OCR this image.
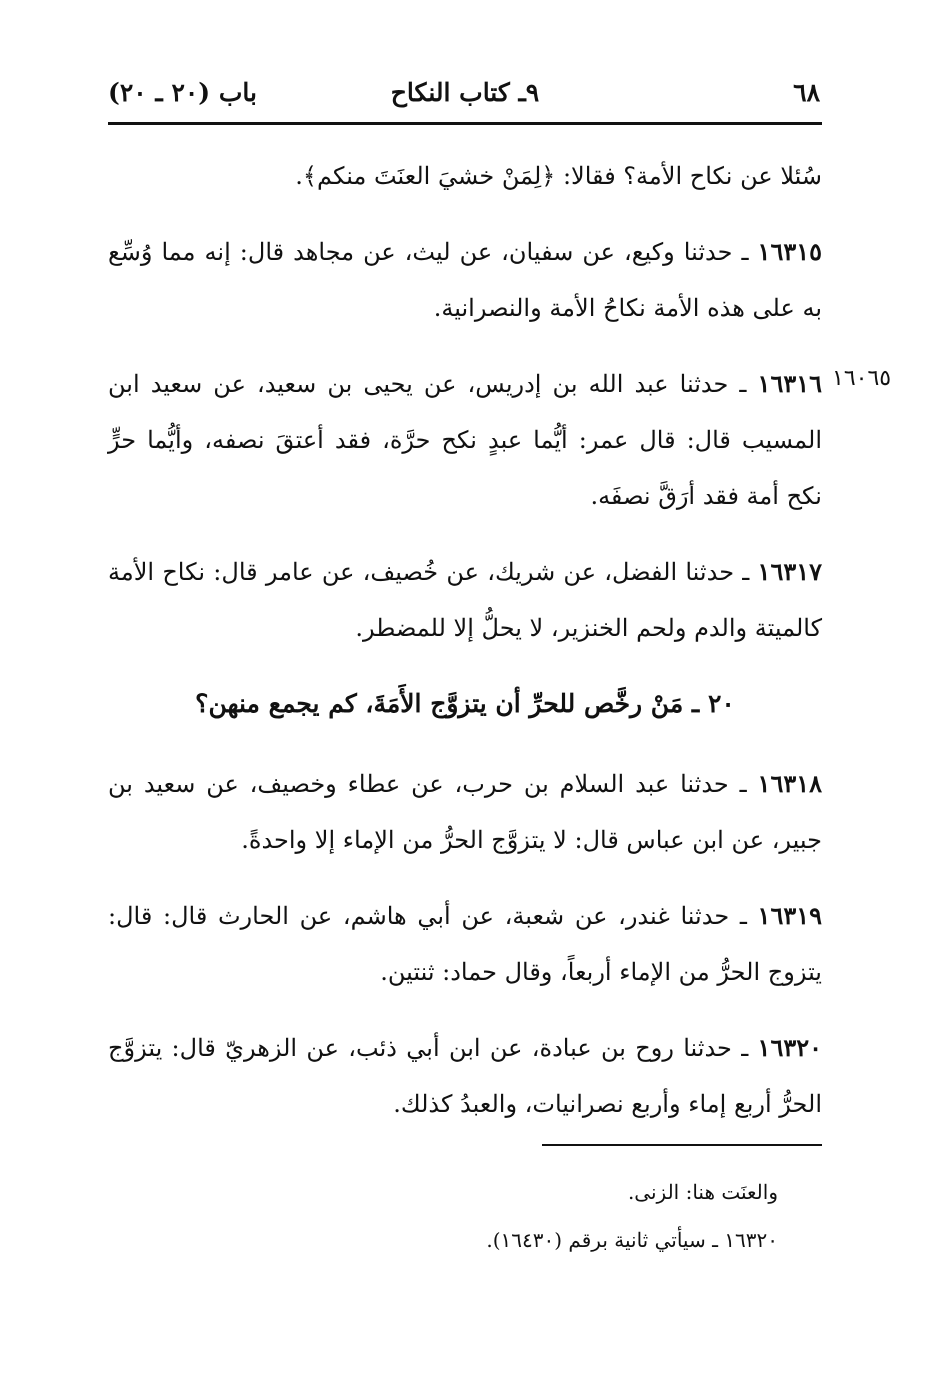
٦٨
٩ـ كتاب النكاح
باب (٢٠ ـ ٢٠)
١٦٠٦٥

سُئلا عن نكاح الأمة؟ فقالا: ﴿لِمَنْ خشيَ العنَتَ منكم﴾.

١٦٣١٥ ـ حدثنا وكيع، عن سفيان، عن ليث، عن مجاهد قال: إنه مما وُسِّع به على هذه الأمة نكاحُ الأمة والنصرانية.

١٦٣١٦ ـ حدثنا عبد الله بن إدريس، عن يحيى بن سعيد، عن سعيد ابن المسيب قال: قال عمر: أيُّما عبدٍ نكح حرَّة، فقد أعتقَ نصفه، وأيُّما حرٍّ نكح أمة فقد أرَقَّ نصفَه.

١٦٣١٧ ـ حدثنا الفضل، عن شريك، عن خُصيف، عن عامر قال: نكاح الأمة كالميتة والدم ولحم الخنزير، لا يحلُّ إلا للمضطر.

٢٠ ـ مَنْ رخَّص للحرِّ أن يتزوَّج الأَمَةَ، كم يجمع منهن؟

١٦٣١٨ ـ حدثنا عبد السلام بن حرب، عن عطاء وخصيف، عن سعيد بن جبير، عن ابن عباس قال: لا يتزوَّج الحرُّ من الإماء إلا واحدةً.

١٦٣١٩ ـ حدثنا غندر، عن شعبة، عن أبي هاشم، عن الحارث قال: قال: يتزوج الحرُّ من الإماء أربعاً، وقال حماد: ثنتين.

١٦٣٢٠ ـ حدثنا روح بن عبادة، عن ابن أبي ذئب، عن الزهريّ قال: يتزوَّج الحرُّ أربع إماء وأربع نصرانيات، والعبدُ كذلك.

والعنَت هنا: الزنى.

١٦٣٢٠ ـ سيأتي ثانية برقم (١٦٤٣٠).
